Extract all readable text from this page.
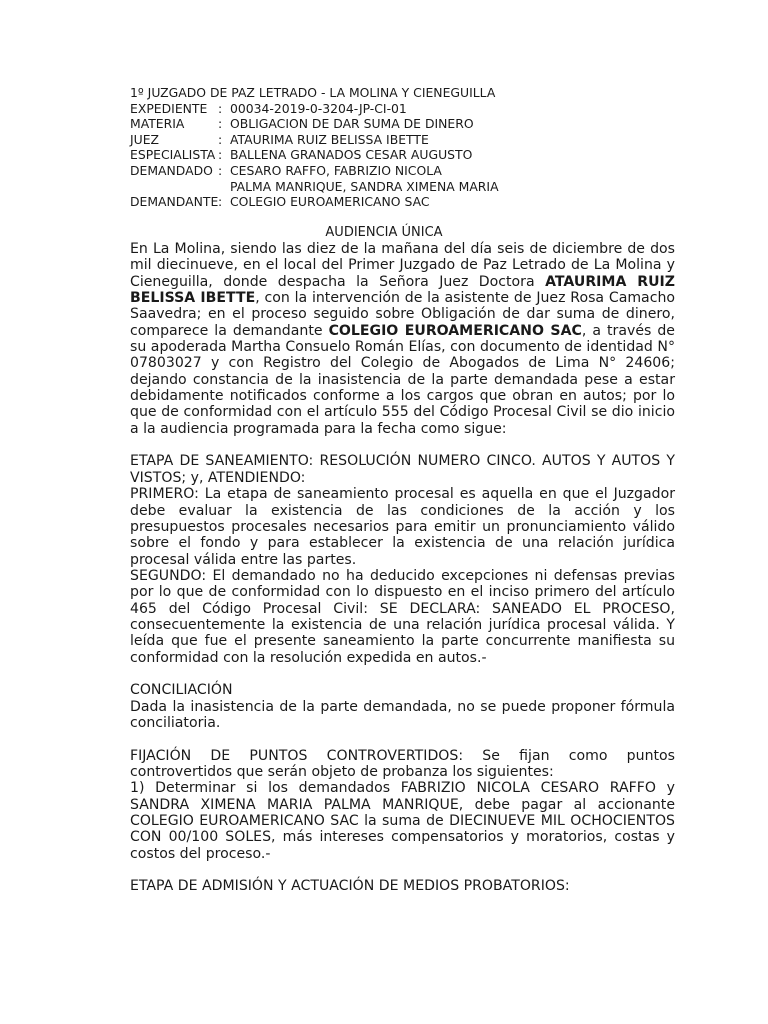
1º JUZGADO DE PAZ LETRADO - LA MOLINA Y CIENEGUILLA
EXPEDIENTE : 00034-2019-0-3204-JP-CI-01
MATERIA	: OBLIGACION DE DAR SUMA DE DINERO
JUEZ	: ATAURIMA RUIZ BELISSA IBETTE
ESPECIALISTA : BALLENA GRANADOS CESAR AUGUSTO
DEMANDADO : CESARO RAFFO, FABRIZIO NICOLA
PALMA MANRIQUE, SANDRA XIMENA MARIA
DEMANDANTE : COLEGIO EUROAMERICANO SAC
AUDIENCIA ÚNICA

En La Molina, siendo las diez de la mañana del día seis de diciembre de dos mil diecinueve, en el local del Primer Juzgado de Paz Letrado de La Molina y Cieneguilla, donde despacha la Señora Juez Doctora ATAURIMA RUIZ BELISSA IBETTE, con la intervención de la asistente de Juez Rosa Camacho Saavedra; en el proceso seguido sobre Obligación de dar suma de dinero, comparece la demandante COLEGIO EUROAMERICANO SAC, a través de su apoderada Martha Consuelo Román Elías, con documento de identidad N° 07803027 y con Registro del Colegio de Abogados de Lima N° 24606; dejando constancia de la inasistencia de la parte demandada pese a estar debidamente notificados conforme a los cargos que obran en autos; por lo que de conformidad con el artículo 555 del Código Procesal Civil se dio inicio a la audiencia programada para la fecha como sigue:

ETAPA DE SANEAMIENTO: RESOLUCIÓN NUMERO CINCO. AUTOS Y AUTOS Y VISTOS; y, ATENDIENDO:

PRIMERO: La etapa de saneamiento procesal es aquella en que el Juzgador debe evaluar la existencia de las condiciones de la acción y los presupuestos procesales necesarios para emitir un pronunciamiento válido sobre el fondo y para establecer la existencia de una relación jurídica procesal válida entre las partes.

SEGUNDO: El demandado no ha deducido excepciones ni defensas previas por lo que de conformidad con lo dispuesto en el inciso primero del artículo 465 del Código Procesal Civil: SE DECLARA: SANEADO EL PROCESO, consecuentemente la existencia de una relación jurídica procesal válida. Y leída que fue el presente saneamiento la parte concurrente manifiesta su conformidad con la resolución expedida en autos.-

CONCILIACIÓN

Dada la inasistencia de la parte demandada, no se puede proponer fórmula conciliatoria.

FIJACIÓN DE PUNTOS CONTROVERTIDOS: Se fijan como puntos controvertidos que serán objeto de probanza los siguientes:

1) Determinar si los demandados FABRIZIO NICOLA CESARO RAFFO y SANDRA XIMENA MARIA PALMA MANRIQUE, debe pagar al accionante COLEGIO EUROAMERICANO SAC la suma de DIECINUEVE MIL OCHOCIENTOS CON 00/100 SOLES, más intereses compensatorios y moratorios, costas y costos del proceso.-

ETAPA DE ADMISIÓN Y ACTUACIÓN DE MEDIOS PROBATORIOS:
